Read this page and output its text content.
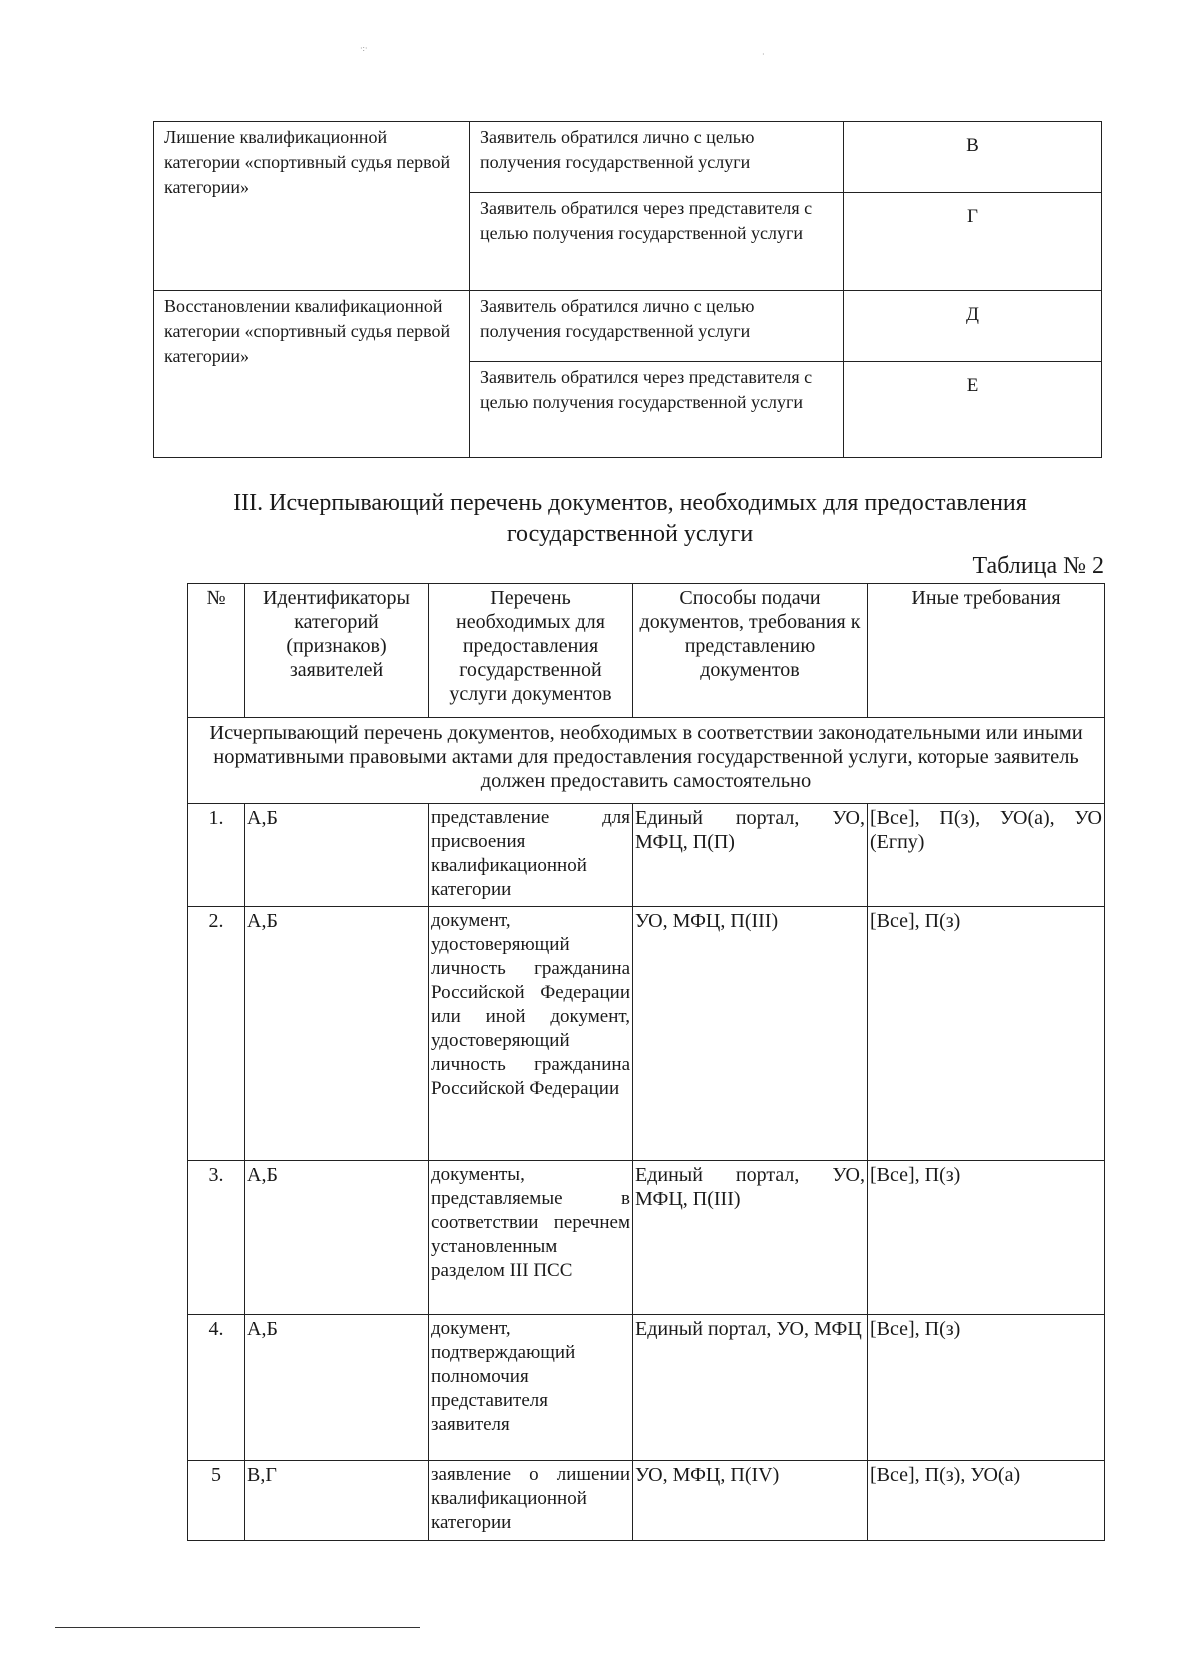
·:·
·
Лишение квалификационной категории «спортивный судья первой категории»	Заявитель обратился лично с целью получения государственной услуги	В
	Заявитель обратился через представителя с целью получения государственной услуги	Г
Восстановлении квалификационной категории «спортивный судья первой категории»	Заявитель обратился лично с целью получения государственной услуги	Д
	Заявитель обратился через представителя с целью получения государственной услуги	Е
III. Исчерпывающий перечень документов, необходимых для предоставления государственной услуги
Таблица № 2
№	Идентификаторы категорий (признаков) заявителей	Перечень необходимых для предоставления государственной услуги документов	Способы подачи документов, требования к представлению документов	Иные требования
Исчерпывающий перечень документов, необходимых в соответствии законодательными или иными нормативными правовыми актами для предоставления государственной услуги, которые заявитель должен предоставить самостоятельно				
1.	А,Б	представление для присвоения квалификационной категории	Единый портал, УО, МФЦ, П(П)	[Все], П(з), УО(а), УО (Егпу)
2.	А,Б	документ, удостоверяющий личность гражданина Российской Федерации или иной документ, удостоверяющий личность гражданина Российской Федерации	УО, МФЦ, П(III)	[Все], П(з)
3.	А,Б	документы, представляемые в соответствии перечнем установленным разделом III ПСС	Единый портал, УО, МФЦ, П(III)	[Все], П(з)
4.	А,Б	документ, подтверждающий полномочия представителя заявителя	Единый портал, УО, МФЦ	[Все], П(з)
5	В,Г	заявление о лишении квалификационной категории	УО, МФЦ, П(IV)	[Все], П(з), УО(а)
